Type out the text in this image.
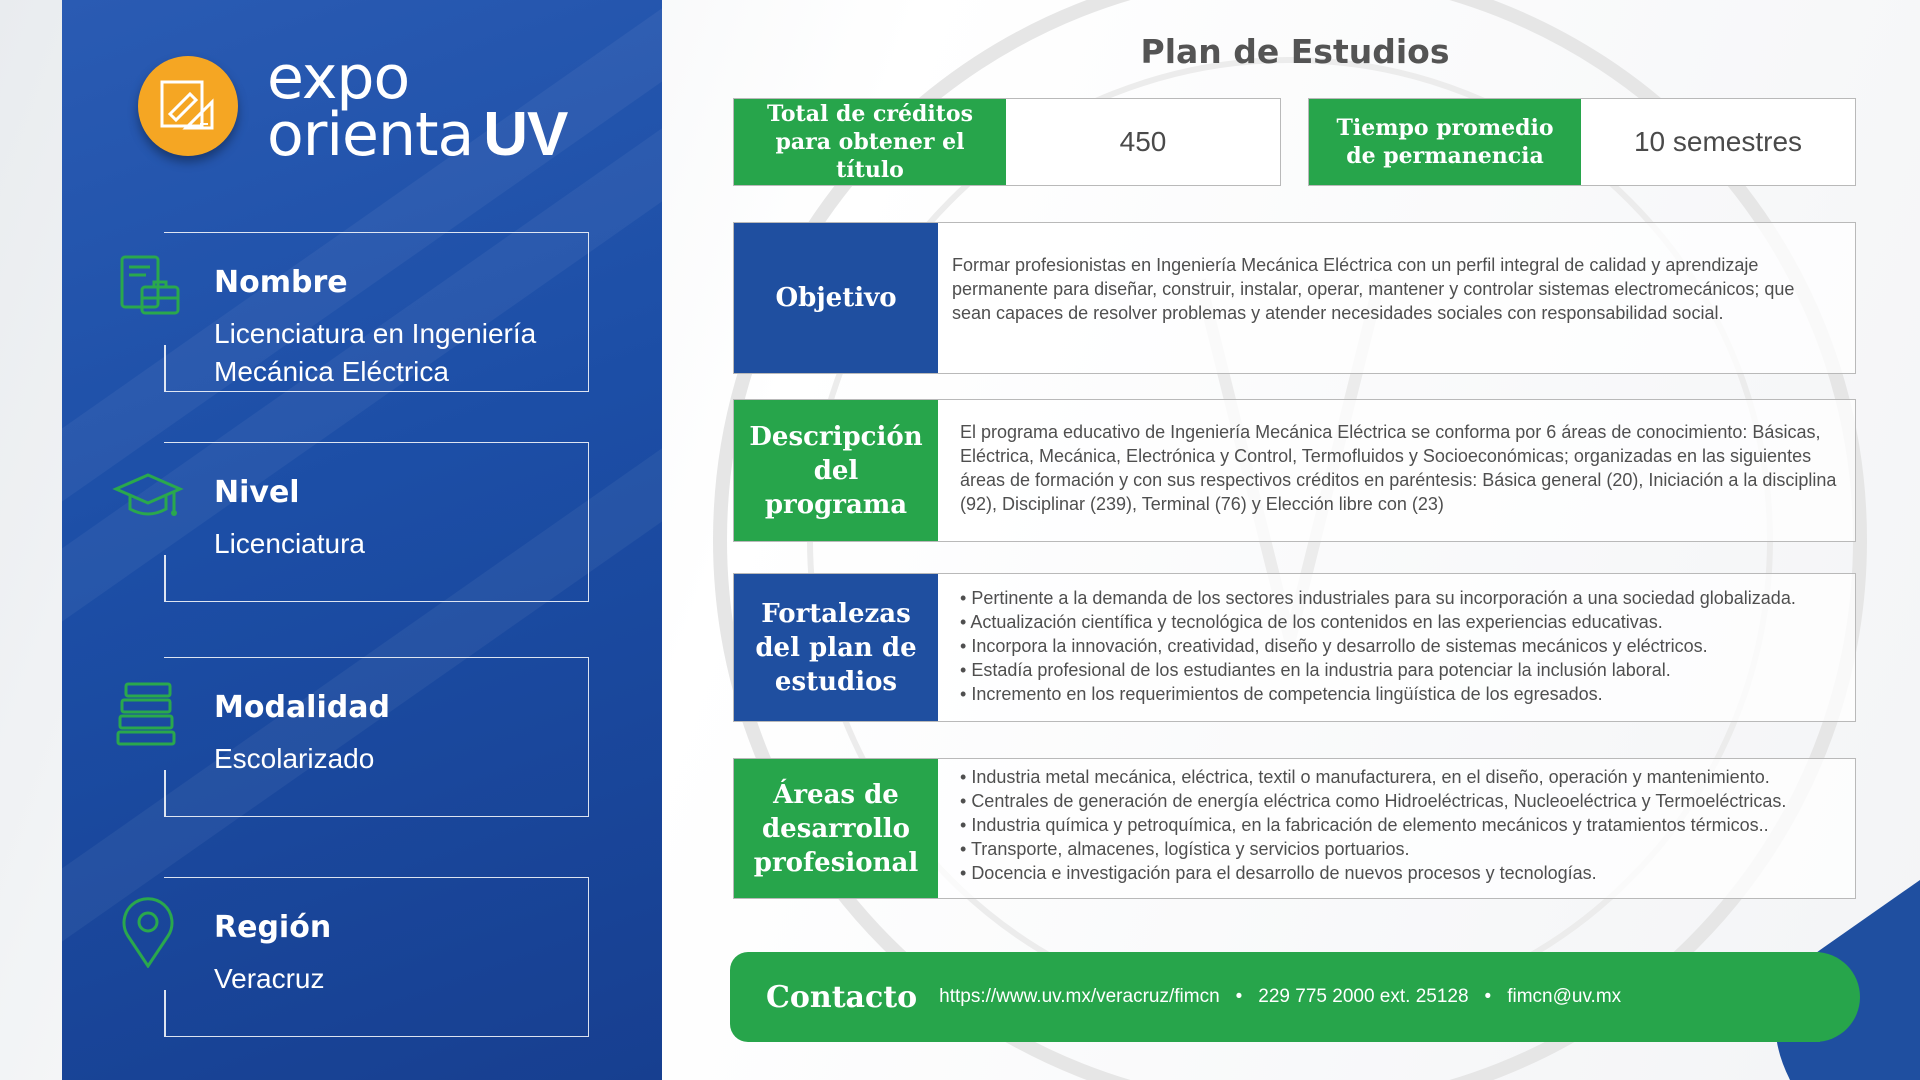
expo
orienta UV
Nombre
Licenciatura en Ingeniería Mecánica Eléctrica
Nivel
Licenciatura
Modalidad
Escolarizado
Región
Veracruz
Plan de Estudios
Total de créditos para obtener el título
450	Tiempo promedio de permanencia	10 semestres
Objetivo
Formar profesionistas en Ingeniería Mecánica Eléctrica con un perfil integral de calidad y aprendizaje permanente para diseñar, construir, instalar, operar, mantener y controlar sistemas electromecánicos; que sean capaces de resolver problemas y atender necesidades sociales con responsabilidad social.
Descripción del programa
El programa educativo de Ingeniería Mecánica Eléctrica se conforma por 6 áreas de conocimiento: Básicas, Eléctrica, Mecánica, Electrónica y Control, Termofluidos y Socioeconómicas; organizadas en las siguientes áreas de formación y con sus respectivos créditos en paréntesis: Básica general (20), Iniciación a la disciplina (92), Disciplinar (239), Terminal (76) y Elección libre con (23)
Fortalezas del plan de estudios
• Pertinente a la demanda de los sectores industriales para su incorporación a una sociedad globalizada.
• Actualización científica y tecnológica de los contenidos en las experiencias educativas.
• Incorpora la innovación, creatividad, diseño y desarrollo de sistemas mecánicos y eléctricos.
• Estadía profesional de los estudiantes en la industria para potenciar la inclusión laboral.
• Incremento en los requerimientos de competencia lingüística de los egresados.
Áreas de desarrollo profesional
• Industria metal mecánica, eléctrica, textil o manufacturera, en el diseño, operación y mantenimiento.
• Centrales de generación de energía eléctrica como Hidroeléctricas, Nucleoeléctrica y Termoeléctricas.
• Industria química y petroquímica, en la fabricación de elemento mecánicos y tratamientos térmicos..
• Transporte, almacenes, logística y servicios portuarios.
• Docencia e investigación para el desarrollo de nuevos procesos y tecnologías.
Contacto https://www.uv.mx/veracruz/fimcn • 229 775 2000 ext. 25128 • fimcn@uv.mx
